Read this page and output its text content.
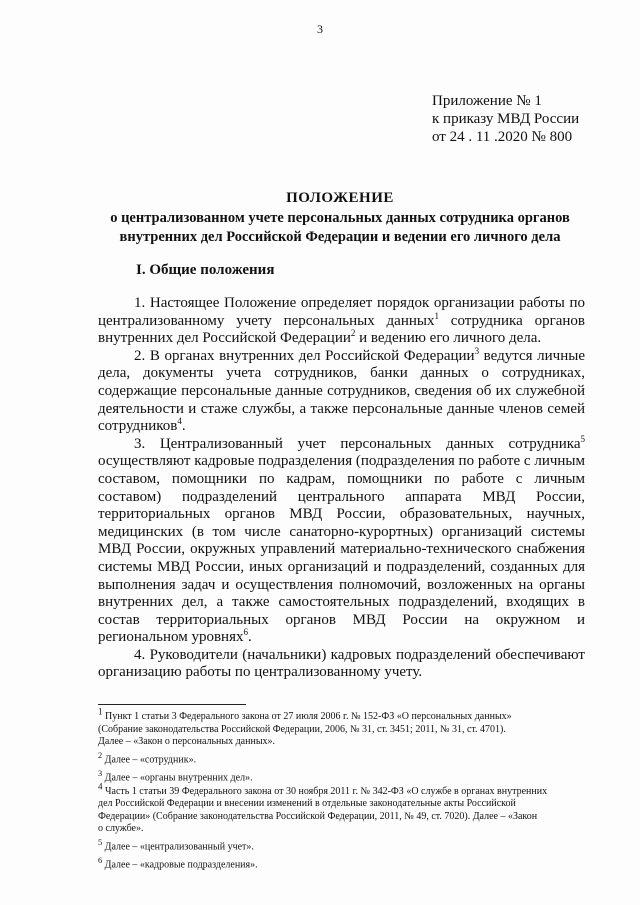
3
Приложение № 1
к приказу МВД России
от 24 . 11 .2020 № 800
ПОЛОЖЕНИЕ
о централизованном учете персональных данных сотрудника органов
внутренних дел Российской Федерации и ведении его личного дела
I. Общие положения

1. Настоящее Положение определяет порядок организации работы по централизованному учету персональных данных$^1$ сотрудника органов внутренних дел Российской Федерации$^2$ и ведению его личного дела.

2. В органах внутренних дел Российской Федерации$^3$ ведутся личные дела, документы учета сотрудников, банки данных о сотрудниках, содержащие персональные данные сотрудников, сведения об их служебной деятельности и стаже службы, а также персональные данные членов семей сотрудников$^4$.

3. Централизованный учет персональных данных сотрудника$^5$ осуществляют кадровые подразделения (подразделения по работе с личным составом, помощники по кадрам, помощники по работе с личным составом) подразделений центрального аппарата МВД России, территориальных органов МВД России, образовательных, научных, медицинских (в том числе санаторно-курортных) организаций системы МВД России, окружных управлений материально-технического снабжения системы МВД России, иных организаций и подразделений, созданных для выполнения задач и осуществления полномочий, возложенных на органы внутренних дел, а также самостоятельных подразделений, входящих в состав территориальных органов МВД России на окружном и региональном уровнях$^6$.

4. Руководители (начальники) кадровых подразделений обеспечивают организацию работы по централизованному учету.

$^1$ Пункт 1 статьи 3 Федерального закона от 27 июля 2006 г. № 152-ФЗ «О персональных данных»
(Собрание законодательства Российской Федерации, 2006, № 31, ст. 3451; 2011, № 31, ст. 4701).
Далее – «Закон о персональных данных».
$^2$ Далее – «сотрудник».
$^3$ Далее – «органы внутренних дел».
$^4$ Часть 1 статьи 39 Федерального закона от 30 ноября 2011 г. № 342-ФЗ «О службе в органах внутренних
дел Российской Федерации и внесении изменений в отдельные законодательные акты Российской
Федерации» (Собрание законодательства Российской Федерации, 2011, № 49, ст. 7020). Далее – «Закон
о службе».
$^5$ Далее – «централизованный учет».
$^6$ Далее – «кадровые подразделения».
